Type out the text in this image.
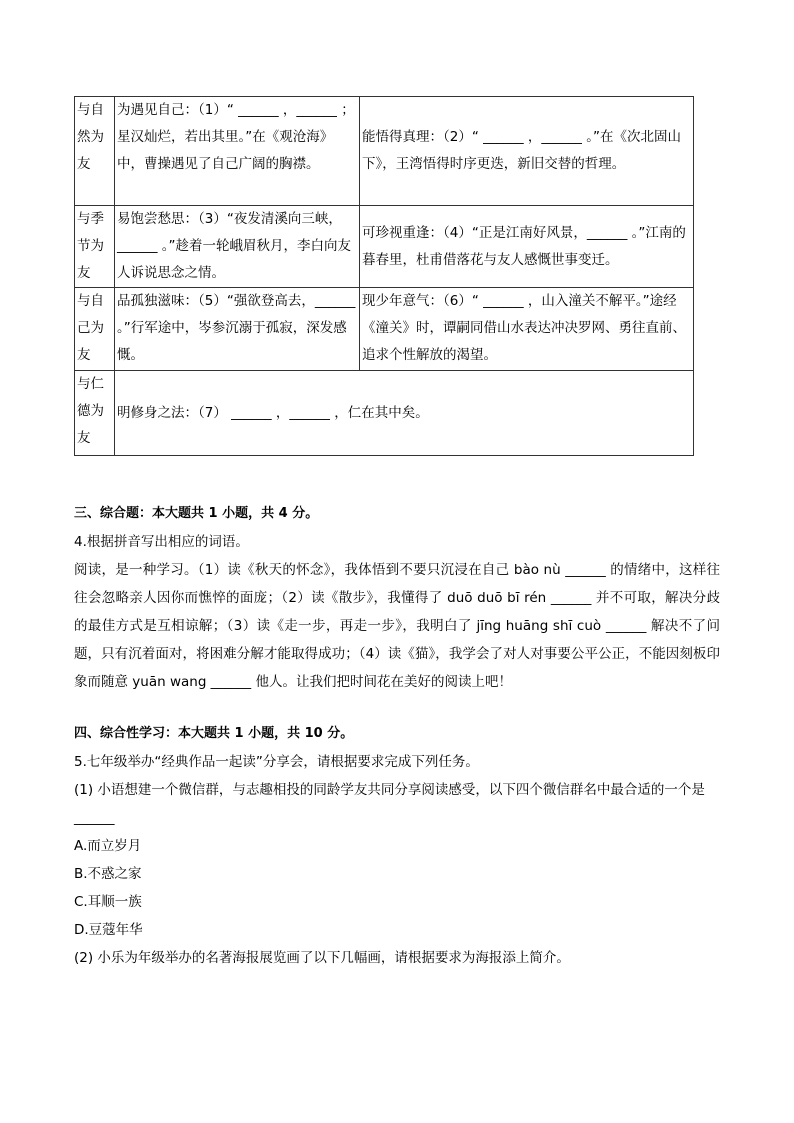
与自然为友	为遇见自己：（1）“ ______ ，______ ；星汉灿烂，若出其里。”在《观沧海》中，曹操遇见了自己广阔的胸襟。	能悟得真理：（2）“ ______ ，______ 。”在《次北固山下》，王湾悟得时序更迭，新旧交替的哲理。
与季节为友	易饱尝愁思：（3）“夜发清溪向三峡，______ 。”趁着一轮峨眉秋月，李白向友人诉说思念之情。	可珍视重逢：（4）“正是江南好风景，______ 。”江南的暮春里，杜甫借落花与友人感慨世事变迁。
与自己为友	品孤独滋味：（5）“强欲登高去，______ 。”行军途中，岑参沉溺于孤寂，深发感慨。	现少年意气：（6）“ ______ ，山入潼关不解平。”途经《潼关》时，谭嗣同借山水表达冲决罗网、勇往直前、追求个性解放的渴望。
与仁德为友	明修身之法：（7） ______ ，______ ，仁在其中矣。	

三、综合题：本大题共 1 小题，共 4 分。

4.根据拼音写出相应的词语。

阅读，是一种学习。（1）读《秋天的怀念》，我体悟到不要只沉浸在自己 bào nù ______ 的情绪中，这样往往会忽略亲人因你而憔悴的面庞；（2）读《散步》，我懂得了 duō duō bī rén ______ 并不可取，解决分歧的最佳方式是互相谅解；（3）读《走一步，再走一步》，我明白了 jīng huāng shī cuò ______ 解决不了问题，只有沉着面对，将困难分解才能取得成功；（4）读《猫》，我学会了对人对事要公平公正，不能因刻板印象而随意 yuān wang ______ 他人。让我们把时间花在美好的阅读上吧！

四、综合性学习：本大题共 1 小题，共 10 分。

5.七年级举办“经典作品一起读”分享会，请根据要求完成下列任务。

(1) 小语想建一个微信群，与志趣相投的同龄学友共同分享阅读感受，以下四个微信群名中最合适的一个是 ______

A.而立岁月

B.不惑之家

C.耳顺一族

D.豆蔻年华

(2) 小乐为年级举办的名著海报展览画了以下几幅画，请根据要求为海报添上简介。
